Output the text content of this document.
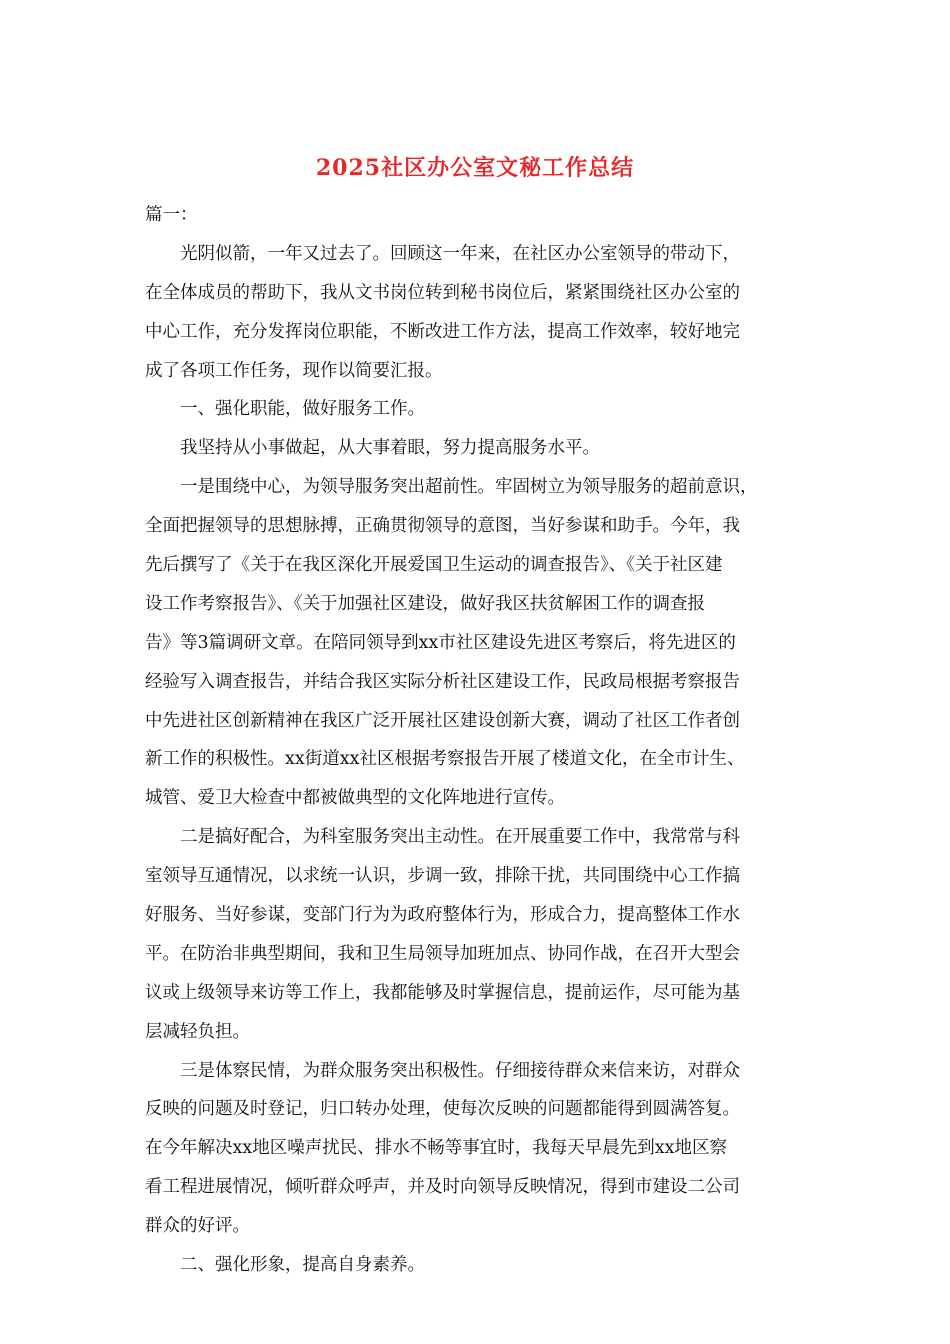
2025社区办公室文秘工作总结
篇一：
　　光阴似箭，一年又过去了。回顾这一年来，在社区办公室领导的带动下，
在全体成员的帮助下，我从文书岗位转到秘书岗位后，紧紧围绕社区办公室的
中心工作，充分发挥岗位职能，不断改进工作方法，提高工作效率，较好地完
成了各项工作任务，现作以简要汇报。
　　一、强化职能，做好服务工作。
　　我坚持从小事做起，从大事着眼，努力提高服务水平。
　　一是围绕中心，为领导服务突出超前性。牢固树立为领导服务的超前意识，
全面把握领导的思想脉搏，正确贯彻领导的意图，当好参谋和助手。今年，我
先后撰写了《关于在我区深化开展爱国卫生运动的调查报告》、《关于社区建
设工作考察报告》、《关于加强社区建设，做好我区扶贫解困工作的调查报
告》等3篇调研文章。在陪同领导到xx市社区建设先进区考察后，将先进区的
经验写入调查报告，并结合我区实际分析社区建设工作，民政局根据考察报告
中先进社区创新精神在我区广泛开展社区建设创新大赛，调动了社区工作者创
新工作的积极性。xx街道xx社区根据考察报告开展了楼道文化，在全市计生、
城管、爱卫大检查中都被做典型的文化阵地进行宣传。
　　二是搞好配合，为科室服务突出主动性。在开展重要工作中，我常常与科
室领导互通情况，以求统一认识，步调一致，排除干扰，共同围绕中心工作搞
好服务、当好参谋，变部门行为为政府整体行为，形成合力，提高整体工作水
平。在防治非典型期间，我和卫生局领导加班加点、协同作战，在召开大型会
议或上级领导来访等工作上，我都能够及时掌握信息，提前运作，尽可能为基
层减轻负担。
　　三是体察民情，为群众服务突出积极性。仔细接待群众来信来访，对群众
反映的问题及时登记，归口转办处理，使每次反映的问题都能得到圆满答复。
在今年解决xx地区噪声扰民、排水不畅等事宜时，我每天早晨先到xx地区察
看工程进展情况，倾听群众呼声，并及时向领导反映情况，得到市建设二公司
群众的好评。
　　二、强化形象，提高自身素养。
